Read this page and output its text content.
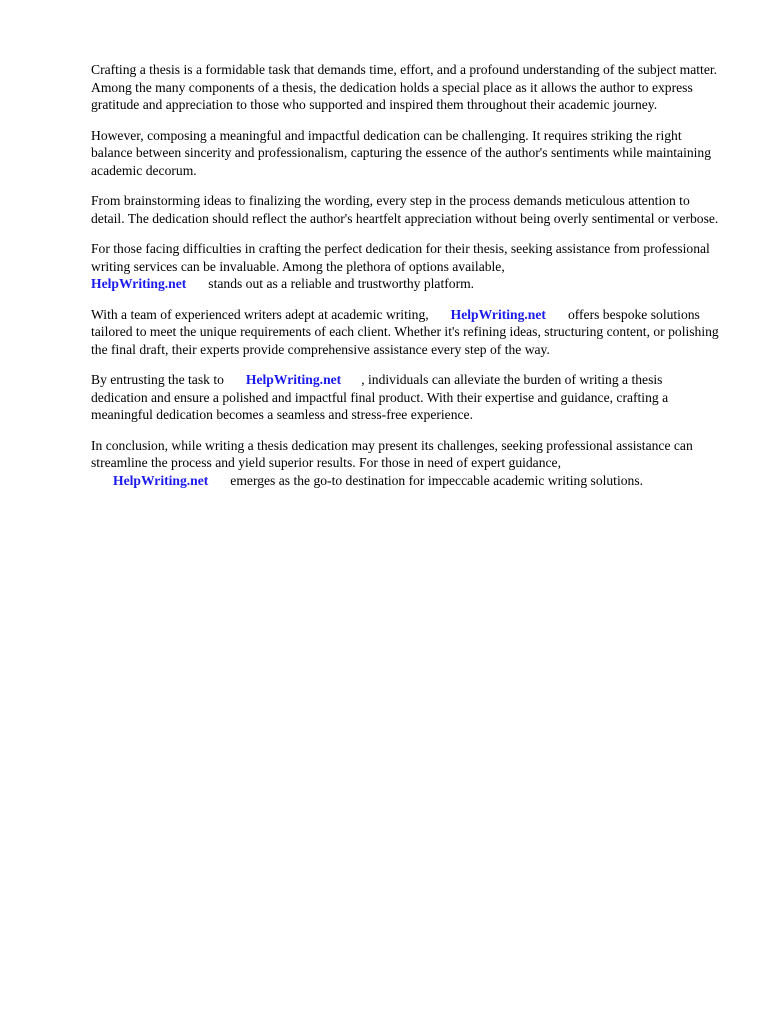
Crafting a thesis is a formidable task that demands time, effort, and a profound understanding of the subject matter. Among the many components of a thesis, the dedication holds a special place as it allows the author to express gratitude and appreciation to those who supported and inspired them throughout their academic journey.

However, composing a meaningful and impactful dedication can be challenging. It requires striking the right balance between sincerity and professionalism, capturing the essence of the author's sentiments while maintaining academic decorum.

From brainstorming ideas to finalizing the wording, every step in the process demands meticulous attention to detail. The dedication should reflect the author's heartfelt appreciation without being overly sentimental or verbose.

For those facing difficulties in crafting the perfect dedication for their thesis, seeking assistance from professional writing services can be invaluable. Among the plethora of options available,
HelpWriting.net stands out as a reliable and trustworthy platform.

With a team of experienced writers adept at academic writing, HelpWriting.net offers bespoke solutions tailored to meet the unique requirements of each client. Whether it's refining ideas, structuring content, or polishing the final draft, their experts provide comprehensive assistance every step of the way.

By entrusting the task to HelpWriting.net , individuals can alleviate the burden of writing a thesis dedication and ensure a polished and impactful final product. With their expertise and guidance, crafting a meaningful dedication becomes a seamless and stress-free experience.

In conclusion, while writing a thesis dedication may present its challenges, seeking professional assistance can streamline the process and yield superior results. For those in need of expert guidance,
HelpWriting.net emerges as the go-to destination for impeccable academic writing solutions.
